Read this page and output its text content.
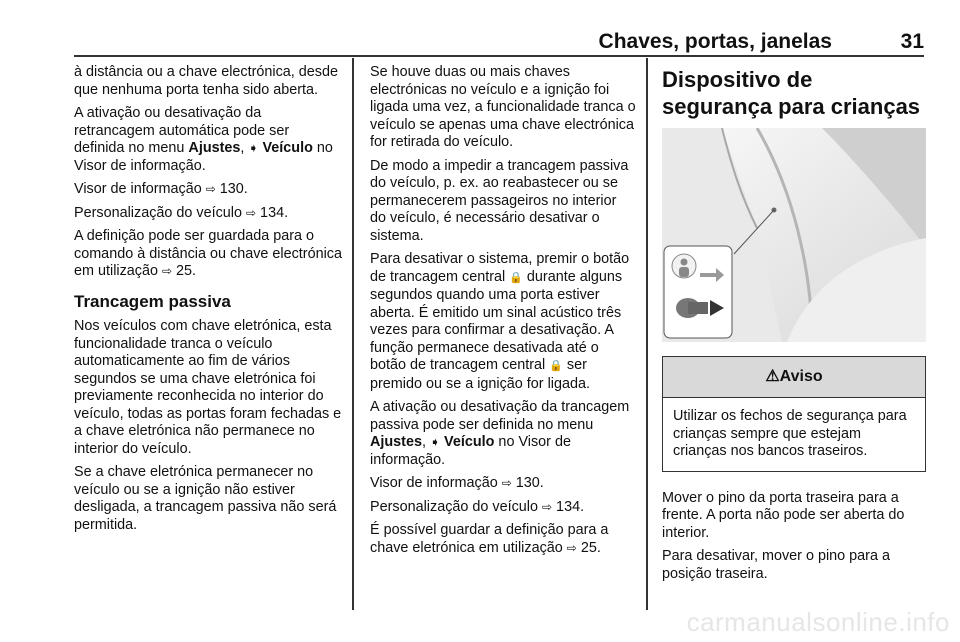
Chaves, portas, janelas	31

à distância ou a chave electrónica, desde que nenhuma porta tenha sido aberta.

A ativação ou desativação da retrancagem automática pode ser definida no menu Ajustes, ➧ Veículo no Visor de informação.

Visor de informação ⇨ 130.

Personalização do veículo ⇨ 134.

A definição pode ser guardada para o comando à distância ou chave electrónica em utilização ⇨ 25.

Trancagem passiva

Nos veículos com chave eletrónica, esta funcionalidade tranca o veículo automaticamente ao fim de vários segundos se uma chave eletrónica foi previamente reconhecida no interior do veículo, todas as portas foram fechadas e a chave eletrónica não permanece no interior do veículo.

Se a chave eletrónica permanecer no veículo ou se a ignição não estiver desligada, a trancagem passiva não será permitida.

Se houve duas ou mais chaves electrónicas no veículo e a ignição foi ligada uma vez, a funcionalidade tranca o veículo se apenas uma chave electrónica for retirada do veículo.

De modo a impedir a trancagem passiva do veículo, p. ex. ao reabastecer ou se permanecerem passageiros no interior do veículo, é necessário desativar o sistema.

Para desativar o sistema, premir o botão de trancagem central 🔒 durante alguns segundos quando uma porta estiver aberta. É emitido um sinal acústico três vezes para confirmar a desativação. A função permanece desativada até o botão de trancagem central 🔒 ser premido ou se a ignição for ligada.

A ativação ou desativação da trancagem passiva pode ser definida no menu Ajustes, ➧ Veículo no Visor de informação.

Visor de informação ⇨ 130.

Personalização do veículo ⇨ 134.

É possível guardar a definição para a chave eletrónica em utilização ⇨ 25.

Dispositivo de segurança para crianças
⚠ Aviso
Utilizar os fechos de segurança para crianças sempre que estejam crianças nos bancos traseiros.

Mover o pino da porta traseira para a frente. A porta não pode ser aberta do interior.

Para desativar, mover o pino para a posição traseira.

carmanualsonline.info
